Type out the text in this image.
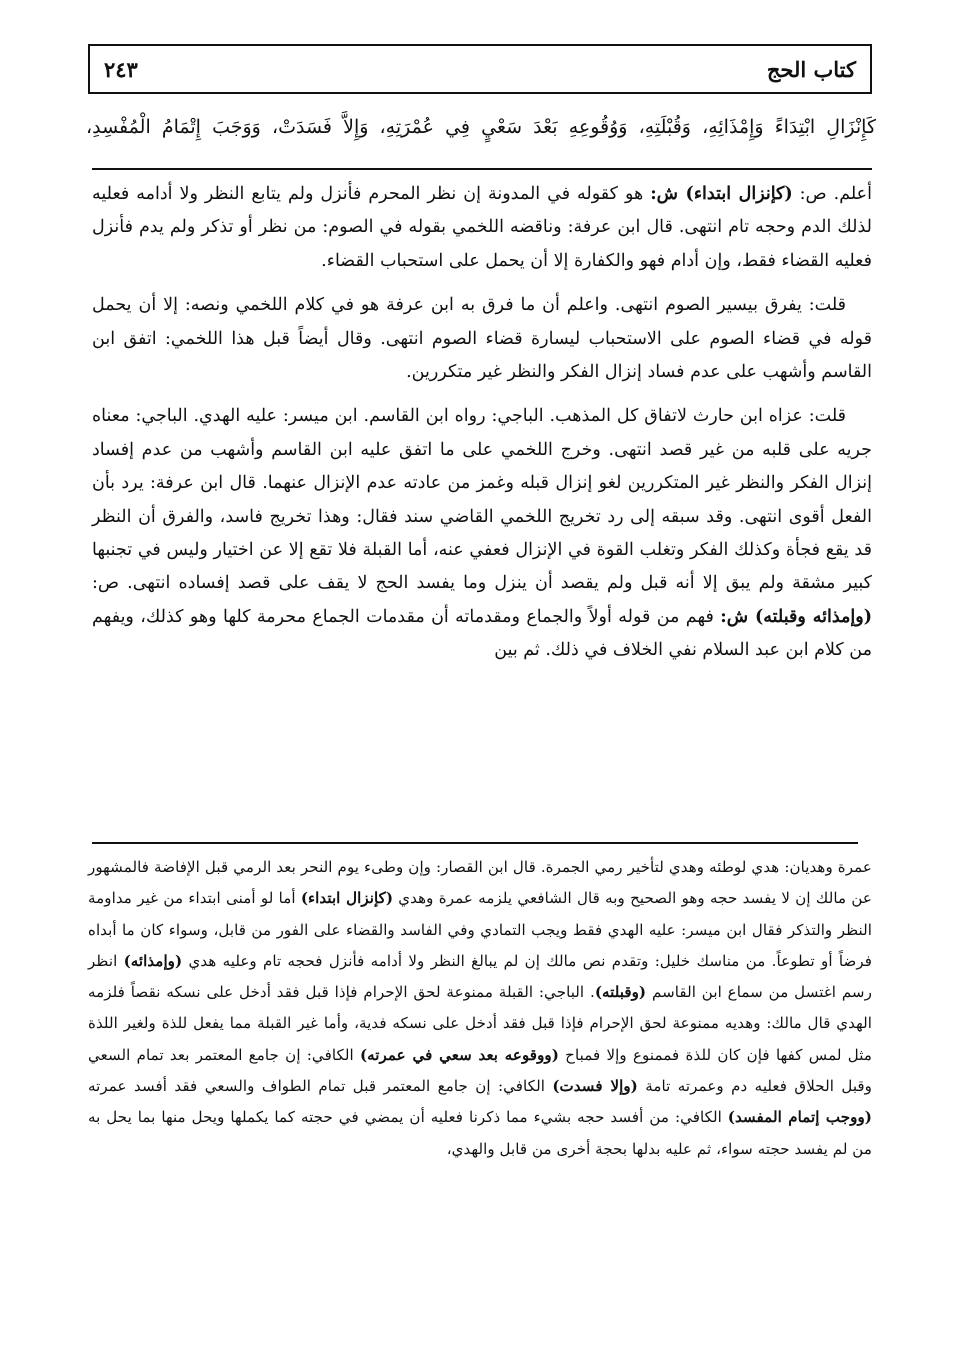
كتاب الحج
٢٤٣
كَإِنْزَالِ ابْتِدَاءً وَإِمْذَائِهِ، وَقُبْلَتِهِ، وَوُقُوعِهِ بَعْدَ سَعْيٍ فِي عُمْرَتِهِ، وَإِلاَّ فَسَدَتْ، وَوَجَبَ إِتْمَامُ الْمُفْسِدِ،

أعلم. ص: (كإنزال ابتداء) ش: هو كقوله في المدونة إن نظر المحرم فأنزل ولم يتابع النظر ولا أدامه فعليه لذلك الدم وحجه تام انتهى. قال ابن عرفة: وناقضه اللخمي بقوله في الصوم: من نظر أو تذكر ولم يدم فأنزل فعليه القضاء فقط، وإن أدام فهو والكفارة إلا أن يحمل على استحباب القضاء.

قلت: يفرق بيسير الصوم انتهى. واعلم أن ما فرق به ابن عرفة هو في كلام اللخمي ونصه: إلا أن يحمل قوله في قضاء الصوم على الاستحباب ليسارة قضاء الصوم انتهى. وقال أيضاً قبل هذا اللخمي: اتفق ابن القاسم وأشهب على عدم فساد إنزال الفكر والنظر غير متكررين.

قلت: عزاه ابن حارث لاتفاق كل المذهب. الباجي: رواه ابن القاسم. ابن ميسر: عليه الهدي. الباجي: معناه جريه على قلبه من غير قصد انتهى. وخرج اللخمي على ما اتفق عليه ابن القاسم وأشهب من عدم إفساد إنزال الفكر والنظر غير المتكررين لغو إنزال قبله وغمز من عادته عدم الإنزال عنهما. قال ابن عرفة: يرد بأن الفعل أقوى انتهى. وقد سبقه إلى رد تخريج اللخمي القاضي سند فقال: وهذا تخريج فاسد، والفرق أن النظر قد يقع فجأة وكذلك الفكر وتغلب القوة في الإنزال فعفي عنه، أما القبلة فلا تقع إلا عن اختيار وليس في تجنبها كبير مشقة ولم يبق إلا أنه قبل ولم يقصد أن ينزل وما يفسد الحج لا يقف على قصد إفساده انتهى. ص: (وإمذائه وقبلته) ش: فهم من قوله أولاً والجماع ومقدماته أن مقدمات الجماع محرمة كلها وهو كذلك، ويفهم من كلام ابن عبد السلام نفي الخلاف في ذلك. ثم بين

عمرة وهديان: هدي لوطئه وهدي لتأخير رمي الجمرة. قال ابن القصار: وإن وطىء يوم النحر بعد الرمي قبل الإفاضة فالمشهور عن مالك إن لا يفسد حجه وهو الصحيح وبه قال الشافعي يلزمه عمرة وهدي (كإنزال ابتداء) أما لو أمنى ابتداء من غير مداومة النظر والتذكر فقال ابن ميسر: عليه الهدي فقط ويجب التمادي وفي الفاسد والقضاء على الفور من قابل، وسواء كان ما أبداه فرضاً أو تطوعاً. من مناسك خليل: وتقدم نص مالك إن لم يبالغ النظر ولا أدامه فأنزل فحجه تام وعليه هدي (وإمذائه) انظر رسم اغتسل من سماع ابن القاسم (وقبلته). الباجي: القبلة ممنوعة لحق الإحرام فإذا قبل فقد أدخل على نسكه نقصاً فلزمه الهدي قال مالك: وهديه ممنوعة لحق الإحرام فإذا قبل فقد أدخل على نسكه فدية، وأما غير القبلة مما يفعل للذة ولغير اللذة مثل لمس كفها فإن كان للذة فممنوع وإلا فمباح (ووقوعه بعد سعي في عمرته) الكافي: إن جامع المعتمر بعد تمام السعي وقبل الحلاق فعليه دم وعمرته تامة (وإلا فسدت) الكافي: إن جامع المعتمر قبل تمام الطواف والسعي فقد أفسد عمرته (ووجب إتمام المفسد) الكافي: من أفسد حجه بشيء مما ذكرنا فعليه أن يمضي في حجته كما يكملها ويحل منها بما يحل به من لم يفسد حجته سواء، ثم عليه بدلها بحجة أخرى من قابل والهدي،
